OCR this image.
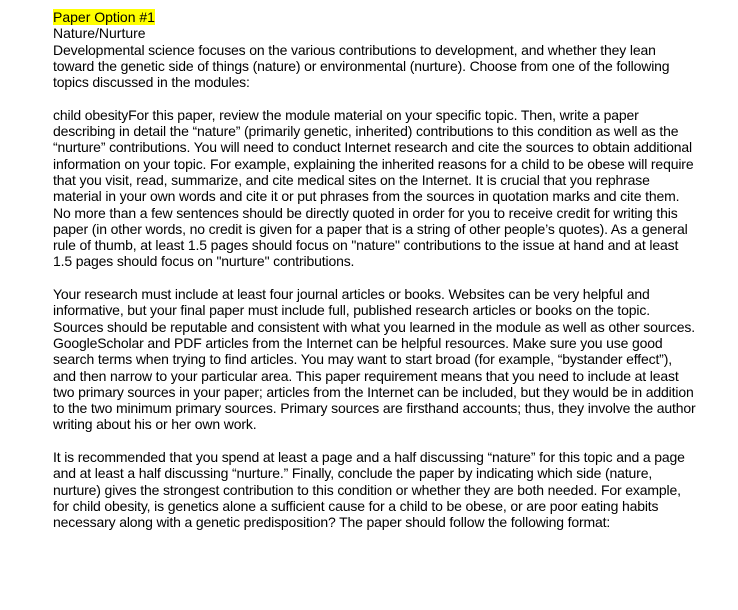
Paper Option #1
Nature/Nurture

Developmental science focuses on the various contributions to development, and whether they lean toward the genetic side of things (nature) or environmental (nurture). Choose from one of the following topics discussed in the modules:

child obesityFor this paper, review the module material on your specific topic. Then, write a paper describing in detail the “nature” (primarily genetic, inherited) contributions to this condition as well as the “nurture” contributions. You will need to conduct Internet research and cite the sources to obtain additional information on your topic. For example, explaining the inherited reasons for a child to be obese will require that you visit, read, summarize, and cite medical sites on the Internet. It is crucial that you rephrase material in your own words and cite it or put phrases from the sources in quotation marks and cite them. No more than a few sentences should be directly quoted in order for you to receive credit for writing this paper (in other words, no credit is given for a paper that is a string of other people’s quotes). As a general rule of thumb, at least 1.5 pages should focus on "nature" contributions to the issue at hand and at least 1.5 pages should focus on "nurture" contributions.

Your research must include at least four journal articles or books. Websites can be very helpful and informative, but your final paper must include full, published research articles or books on the topic. Sources should be reputable and consistent with what you learned in the module as well as other sources. GoogleScholar and PDF articles from the Internet can be helpful resources. Make sure you use good search terms when trying to find articles. You may want to start broad (for example, “bystander effect”), and then narrow to your particular area. This paper requirement means that you need to include at least two primary sources in your paper; articles from the Internet can be included, but they would be in addition to the two minimum primary sources. Primary sources are firsthand accounts; thus, they involve the author writing about his or her own work.

It is recommended that you spend at least a page and a half discussing “nature” for this topic and a page and at least a half discussing “nurture.” Finally, conclude the paper by indicating which side (nature, nurture) gives the strongest contribution to this condition or whether they are both needed. For example, for child obesity, is genetics alone a sufficient cause for a child to be obese, or are poor eating habits necessary along with a genetic predisposition? The paper should follow the following format:
